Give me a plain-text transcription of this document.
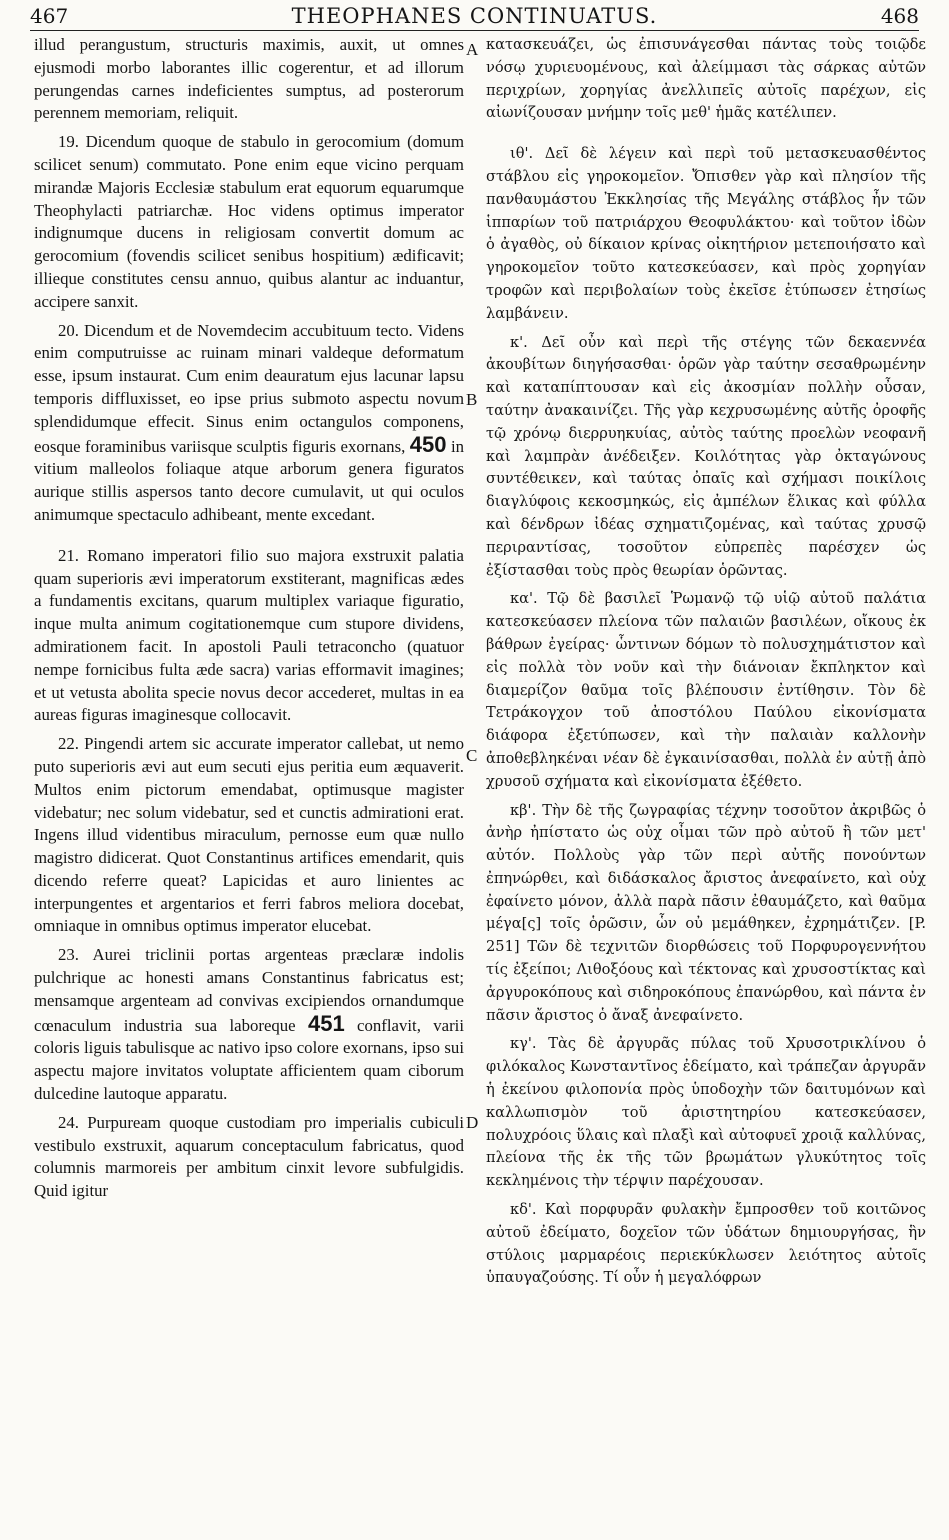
467	THEOPHANES CONTINUATUS.	468
A
B
C
D

illud perangustum, structuris maximis, auxit, ut omnes ejusmodi morbo laborantes illic cogerentur, et ad illorum perungendas carnes indeficientes sumptus, ad posterorum perennem memoriam, reliquit.

19. Dicendum quoque de stabulo in gerocomium (domum scilicet senum) commutato. Pone enim eque vicino perquam mirandæ Majoris Ecclesiæ stabulum erat equorum equarumque Theophylacti patriarchæ. Hoc videns optimus imperator indignumque ducens in religiosam convertit domum ac gerocomium (fovendis scilicet senibus hospitium) ædificavit; illieque constitutes censu annuo, quibus alantur ac induantur, accipere sanxit.

20. Dicendum et de Novemdecim accubituum tecto. Videns enim computruisse ac ruinam minari valdeque deformatum esse, ipsum instaurat. Cum enim deauratum ejus lacunar lapsu temporis diffluxisset, eo ipse prius submoto aspectu novum splendidumque effecit. Sinus enim octangulos componens, eosque foraminibus variisque sculptis figuris exornans, 450 in vitium malleolos foliaque atque arborum genera figuratos aurique stillis aspersos tanto decore cumulavit, ut qui oculos animumque spectaculo adhibeant, mente excedant.

21. Romano imperatori filio suo majora exstruxit palatia quam superioris ævi imperatorum exstiterant, magnificas ædes a fundamentis excitans, quarum multiplex variaque figuratio, inque multa animum cogitationemque cum stupore dividens, admirationem facit. In apostoli Pauli tetraconcho (quatuor nempe fornicibus fulta æde sacra) varias efformavit imagines; et ut vetusta abolita specie novus decor accederet, multas in ea aureas figuras imaginesque collocavit.

22. Pingendi artem sic accurate imperator callebat, ut nemo puto superioris ævi aut eum secuti ejus peritia eum æquaverit. Multos enim pictorum emendabat, optimusque magister videbatur; nec solum videbatur, sed et cunctis admirationi erat. Ingens illud videntibus miraculum, pernosse eum quæ nullo magistro didicerat. Quot Constantinus artifices emendarit, quis dicendo referre queat? Lapicidas et auro linientes ac interpungentes et argentarios et ferri fabros meliora docebat, omniaque in omnibus optimus imperator elucebat.

23. Aurei triclinii portas argenteas præclaræ indolis pulchrique ac honesti amans Constantinus fabricatus est; mensamque argenteam ad convivas excipiendos ornandumque cœnaculum industria sua laboreque 451 conflavit, varii coloris liguis tabulisque ac nativo ipso colore exornans, ipso sui aspectu majore invitatos voluptate afficientem quam ciborum dulcedine lautoque apparatu.

24. Purpuream quoque custodiam pro imperialis cubiculi vestibulo exstruxit, aquarum conceptaculum fabricatus, quod columnis marmoreis per ambitum cinxit levore subfulgidis. Quid igitur

κατασκευάζει, ὡς ἐπισυνάγεσθαι πάντας τοὺς τοιῷδε νόσῳ χυριευομένους, καὶ ἀλείμμασι τὰς σάρκας αὐτῶν περιχρίων, χορηγίας ἀνελλιπεῖς αὐτοῖς παρέχων, εἰς αἰωνίζουσαν μνήμην τοῖς μεθ' ἡμᾶς κατέλιπεν.

ιθ'. Δεῖ δὲ λέγειν καὶ περὶ τοῦ μετασκευασθέντος στάβλου εἰς γηροκομεῖον. Ὄπισθεν γὰρ καὶ πλησίον τῆς πανθαυμάστου Ἐκκλησίας τῆς Μεγάλης στάβλος ἦν τῶν ἱππαρίων τοῦ πατριάρχου Θεοφυλάκτου· καὶ τοῦτον ἰδὼν ὁ ἀγαθὸς, οὐ δίκαιον κρίνας οἰκητήριον μετεποιήσατο καὶ γηροκομεῖον τοῦτο κατεσκεύασεν, καὶ πρὸς χορηγίαν τροφῶν καὶ περιβολαίων τοὺς ἐκεῖσε ἐτύπωσεν ἐτησίως λαμβάνειν.

κ'. Δεῖ οὖν καὶ περὶ τῆς στέγης τῶν δεκαεννέα ἀκουβίτων διηγήσασθαι· ὁρῶν γὰρ ταύτην σεσαθρωμένην καὶ καταπίπτουσαν καὶ εἰς ἀκοσμίαν πολλὴν οὖσαν, ταύτην ἀνακαινίζει. Τῆς γὰρ κεχρυσωμένης αὐτῆς ὀροφῆς τῷ χρόνῳ διερρυηκυίας, αὐτὸς ταύτης προελὼν νεοφανῆ καὶ λαμπρὰν ἀνέδειξεν. Κοιλότητας γὰρ ὀκταγώνους συντέθεικεν, καὶ ταύτας ὀπαῖς καὶ σχήμασι ποικίλοις διαγλύφοις κεκοσμηκώς, εἰς ἀμπέλων ἕλικας καὶ φύλλα καὶ δένδρων ἰδέας σχηματιζομένας, καὶ ταύτας χρυσῷ περιραντίσας, τοσοῦτον εὐπρεπὲς παρέσχεν ὡς ἐξίστασθαι τοὺς πρὸς θεωρίαν ὁρῶντας.

κα'. Τῷ δὲ βασιλεῖ Ῥωμανῷ τῷ υἱῷ αὐτοῦ παλάτια κατεσκεύασεν πλείονα τῶν παλαιῶν βασιλέων, οἴκους ἐκ βάθρων ἐγείρας· ὧντινων δόμων τὸ πολυσχημάτιστον καὶ εἰς πολλὰ τὸν νοῦν καὶ τὴν διάνοιαν ἔκπληκτον καὶ διαμερίζον θαῦμα τοῖς βλέπουσιν ἐντίθησιν. Τὸν δὲ Τετράκογχον τοῦ ἀποστόλου Παύλου εἰκονίσματα διάφορα ἐξετύπωσεν, καὶ τὴν παλαιὰν καλλονὴν ἀποθεβληκέναι νέαν δὲ ἐγκαινίσασθαι, πολλὰ ἐν αὐτῇ ἀπὸ χρυσοῦ σχήματα καὶ εἰκονίσματα ἐξέθετο.

κβ'. Τὴν δὲ τῆς ζωγραφίας τέχνην τοσοῦτον ἀκριβῶς ὁ ἀνὴρ ἠπίστατο ὡς οὐχ οἶμαι τῶν πρὸ αὐτοῦ ἢ τῶν μετ' αὐτόν. Πολλοὺς γὰρ τῶν περὶ αὐτῆς πονούντων ἐπηνώρθει, καὶ διδάσκαλος ἄριστος ἀνεφαίνετο, καὶ οὐχ ἐφαίνετο μόνον, ἀλλὰ παρὰ πᾶσιν ἐθαυμάζετο, καὶ θαῦμα μέγα[ς] τοῖς ὁρῶσιν, ὧν οὐ μεμάθηκεν, ἐχρημάτιζεν. [P. 251] Τῶν δὲ τεχνιτῶν διορθώσεις τοῦ Πορφυρογεννήτου τίς ἐξείποι; Λιθοξόους καὶ τέκτονας καὶ χρυσοστίκτας καὶ ἀργυροκόπους καὶ σιδηροκόπους ἐπανώρθου, καὶ πάντα ἐν πᾶσιν ἄριστος ὁ ἄναξ ἀνεφαίνετο.

κγ'. Τὰς δὲ ἀργυρᾶς πύλας τοῦ Χρυσοτρικλίνου ὁ φιλόκαλος Κωνσταντῖνος ἐδείματο, καὶ τράπεζαν ἀργυρᾶν ἡ ἐκείνου φιλοπονία πρὸς ὑποδοχὴν τῶν δαιτυμόνων καὶ καλλωπισμὸν τοῦ ἀριστητηρίου κατεσκεύασεν, πολυχρόοις ὕλαις καὶ πλαξὶ καὶ αὐτοφυεῖ χροιᾷ καλλύνας, πλείονα τῆς ἐκ τῆς τῶν βρωμάτων γλυκύτητος τοῖς κεκλημένοις τὴν τέρψιν παρέχουσαν.

κδ'. Καὶ πορφυρᾶν φυλακὴν ἔμπροσθεν τοῦ κοιτῶνος αὐτοῦ ἐδείματο, δοχεῖον τῶν ὑδάτων δημιουργήσας, ἣν στύλοις μαρμαρέοις περιεκύκλωσεν λειότητος αὐτοῖς ὑπαυγαζούσης. Τί οὖν ἡ μεγαλόφρων
